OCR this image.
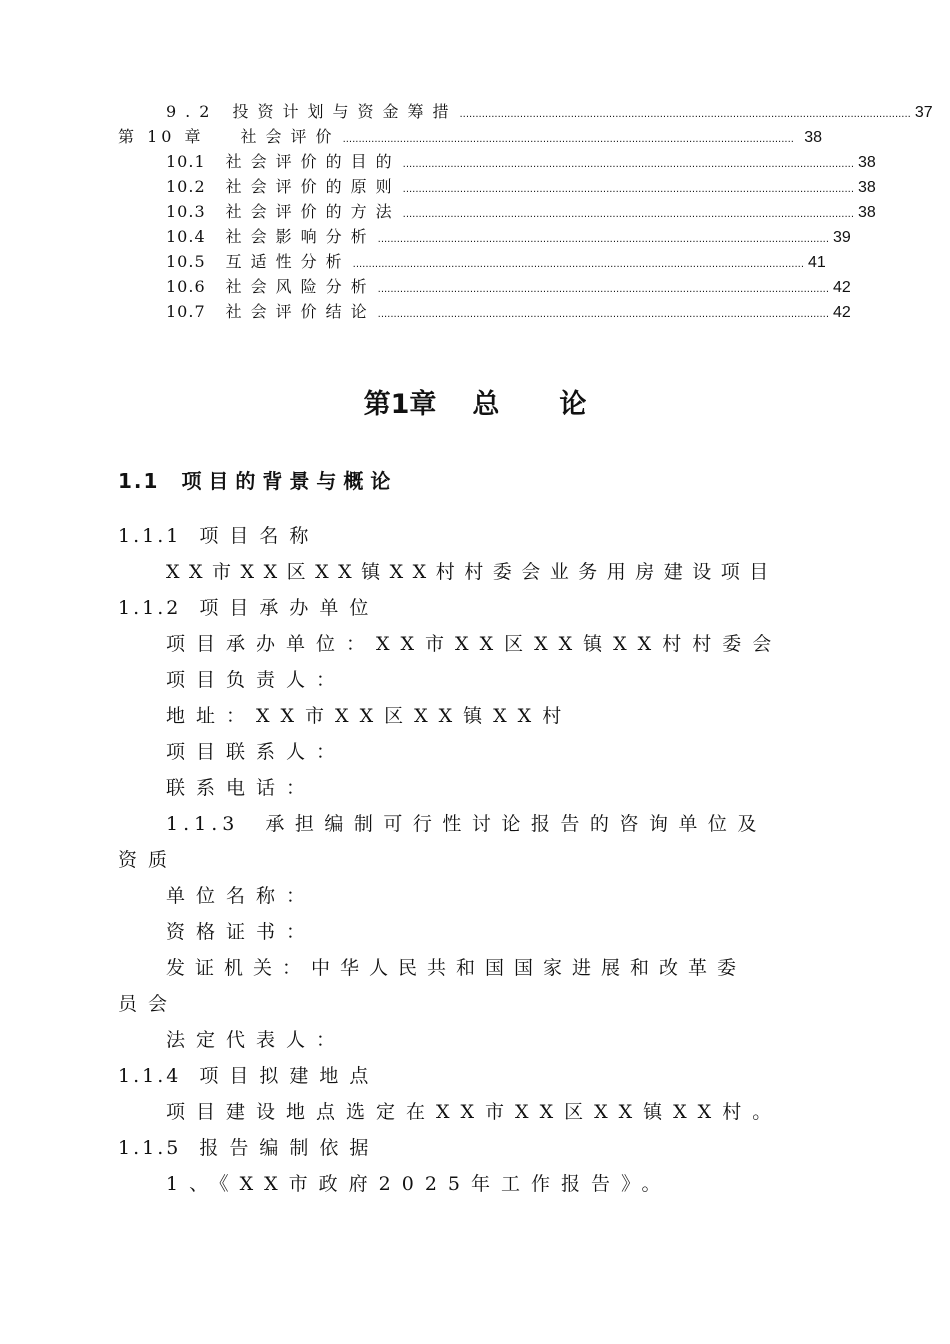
9.2 投资计划与资金筹措 .............................................................................................................................................. 37
第 10 章 社会评价 .............................................................................................................................................. 38
10.1 社会评价的目的 .............................................................................................................................................. 38
10.2 社会评价的原则 .............................................................................................................................................. 38
10.3 社会评价的方法 .............................................................................................................................................. 38
10.4 社会影响分析 .............................................................................................................................................. 39
10.5 互适性分析 .............................................................................................................................................. 41
10.6 社会风险分析 .............................................................................................................................................. 42
10.7 社会评价结论 .............................................................................................................................................. 42
第1章 总 论
1.1 项目的背景与概论
1.1.1 项目名称
XX市XX区XX镇XX村村委会业务用房建设项目
1.1.2 项目承办单位
项目承办单位：XX市XX区XX镇XX村村委会
项目负责人：
地址：XX市XX区XX镇XX村
项目联系人：
联系电话：
1.1.3 承担编制可行性讨论报告的咨询单位及
资质
单位名称：
资格证书：
发证机关：中华人民共和国国家进展和改革委
员会
法定代表人：
1.1.4 项目拟建地点
项目建设地点选定在XX市XX区XX镇XX村。
1.1.5 报告编制依据
1、《XX市政府2025年工作报告》。
